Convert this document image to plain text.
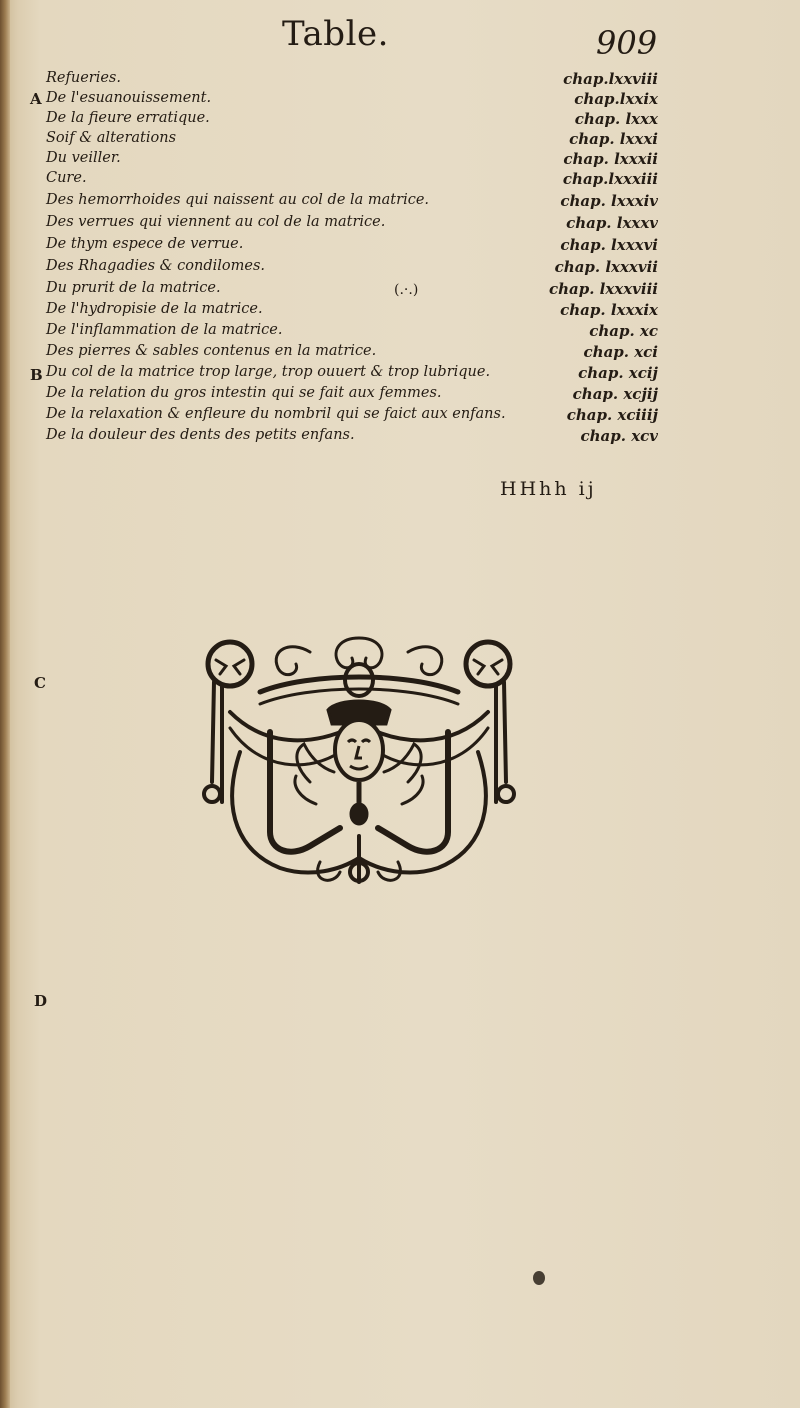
Table.	909
A
B
C
D
Refueries.	chap.lxxviii
De l'esuanouissement.	chap.lxxix
De la fieure erratique.	chap. lxxx
Soif & alterations	chap. lxxxi
Du veiller.	chap. lxxxii
Cure.	chap.lxxxiii
Des hemorrhoides qui naissent au col de la matrice.	chap. lxxxiv
Des verrues qui viennent au col de la matrice.	chap. lxxxv
De thym espece de verrue.	chap. lxxxvi
Des Rhagadies & condilomes.	chap. lxxxvii
Du prurit de la matrice.	chap. lxxxviii
De l'hydropisie de la matrice.	chap. lxxxix
De l'inflammation de la matrice.	chap. xc
Des pierres & sables contenus en la matrice.	chap. xci
Du col de la matrice trop large, trop ouuert & trop lubrique.	chap. xcij
De la relation du gros intestin qui se fait aux femmes.	chap. xcjij
De la relaxation & enfleure du nombril qui se faict aux enfans.	chap. xciiij
De la douleur des dents des petits enfans.	chap. xcv
(.·.)
HHhh ij
